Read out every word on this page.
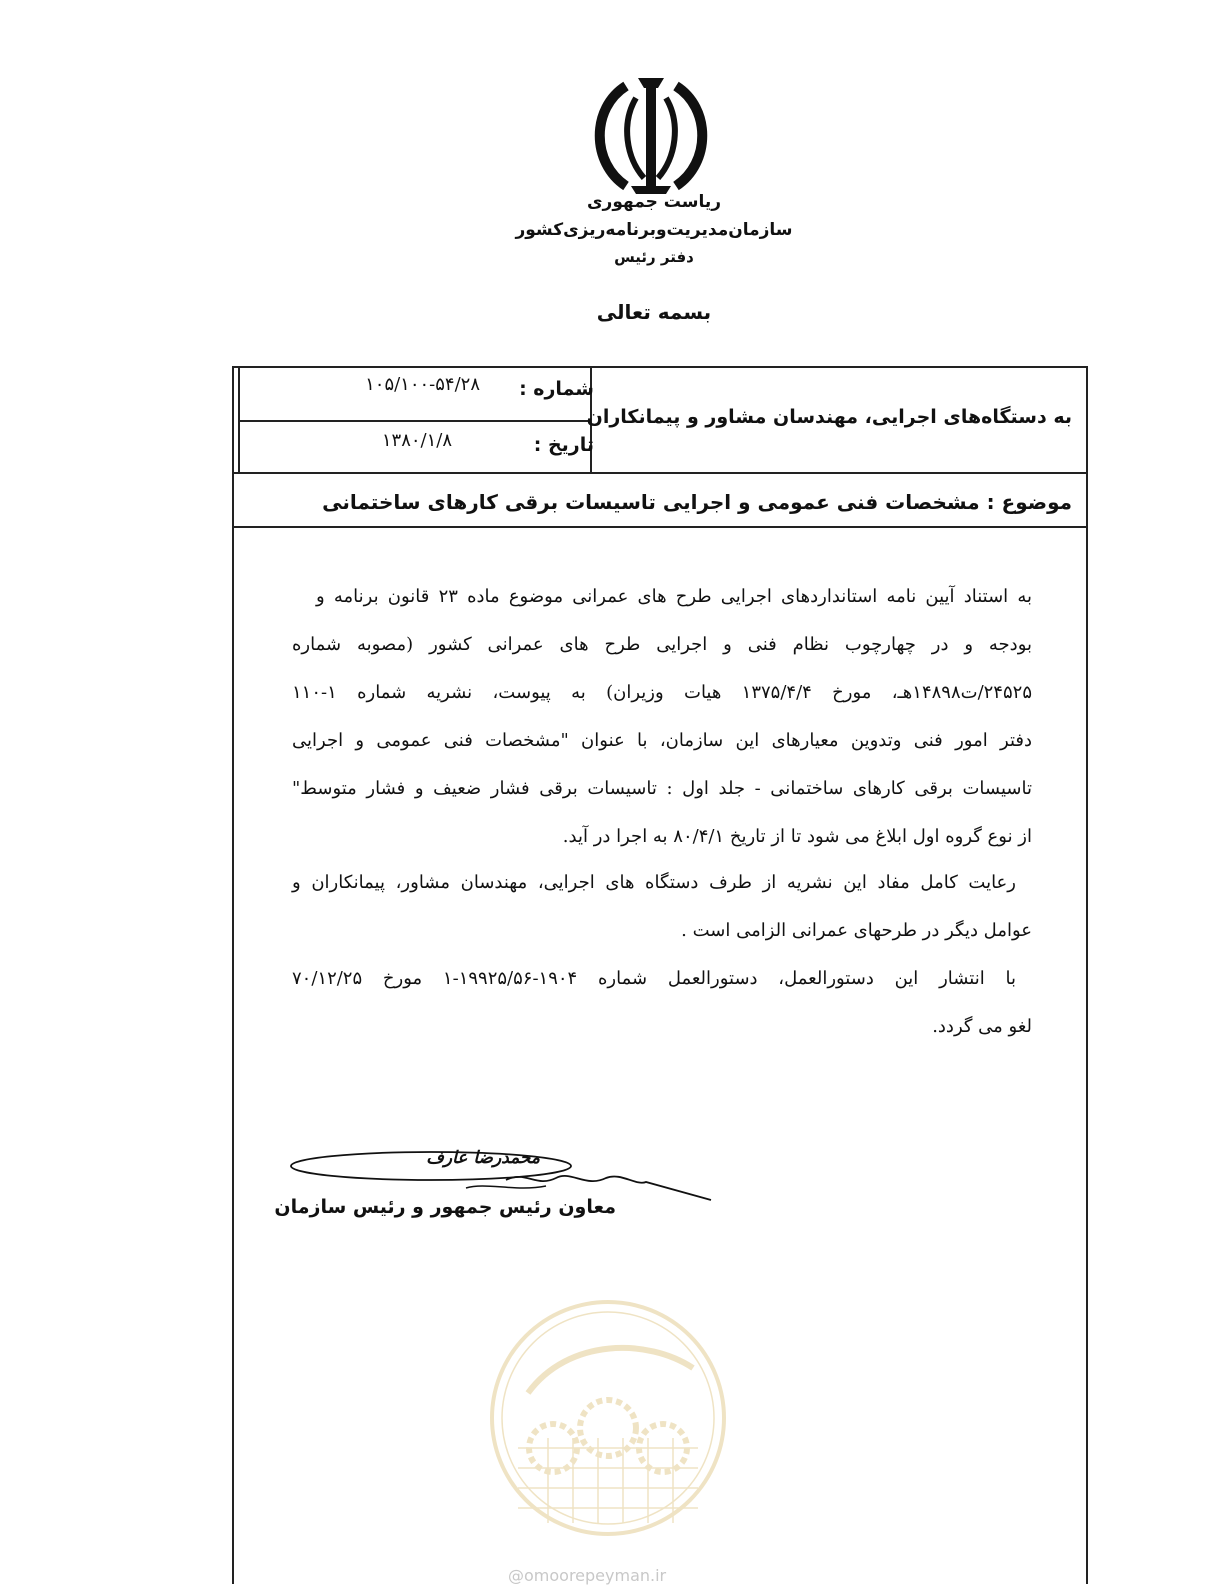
ریاست جمهوری
سازمان‌مدیریت‌وبرنامه‌ریزی‌کشور
دفتر رئیس
بسمه تعالی
به دستگاه‌های اجرایی، مهندسان مشاور و پیمانکاران
شماره :
۱۰۵/۱۰۰-۵۴/۲۸
تاریخ :
۱۳۸۰/۱/۸
موضوع : مشخصات فنی عمومی و اجرایی تاسیسات برقی کارهای ساختمانی
به استناد آیین نامه استانداردهای اجرایی طرح های عمرانی موضوع ماده ۲۳ قانون برنامه و
بودجه و در چهارچوب نظام فنی و اجرایی طرح های عمرانی کشور (مصوبه شماره
۲۴۵۲۵/ت۱۴۸۹۸هـ، مورخ ۱۳۷۵/۴/۴ هیات وزیران) به پیوست، نشریه شماره ۱-۱۱۰
دفتر امور فنی وتدوین معیارهای این سازمان، با عنوان "مشخصات فنی عمومی و اجرایی
تاسیسات برقی کارهای ساختمانی - جلد اول : تاسیسات برقی فشار ضعیف و فشار متوسط"
از نوع گروه اول ابلاغ می شود تا از تاریخ ۸۰/۴/۱ به اجرا در آید.
رعایت کامل مفاد این نشریه از طرف دستگاه های اجرایی، مهندسان مشاور، پیمانکاران و
عوامل دیگر در طرحهای عمرانی الزامی است .
با انتشار این دستورالعمل، دستورالعمل شماره ۱۹۰۴-۱۹۹۲۵/۵۶-۱ مورخ ۷۰/۱۲/۲۵
لغو می گردد.
محمدرضا عارف
معاون رئیس جمهور و رئیس سازمان
@omoorepeyman.ir
